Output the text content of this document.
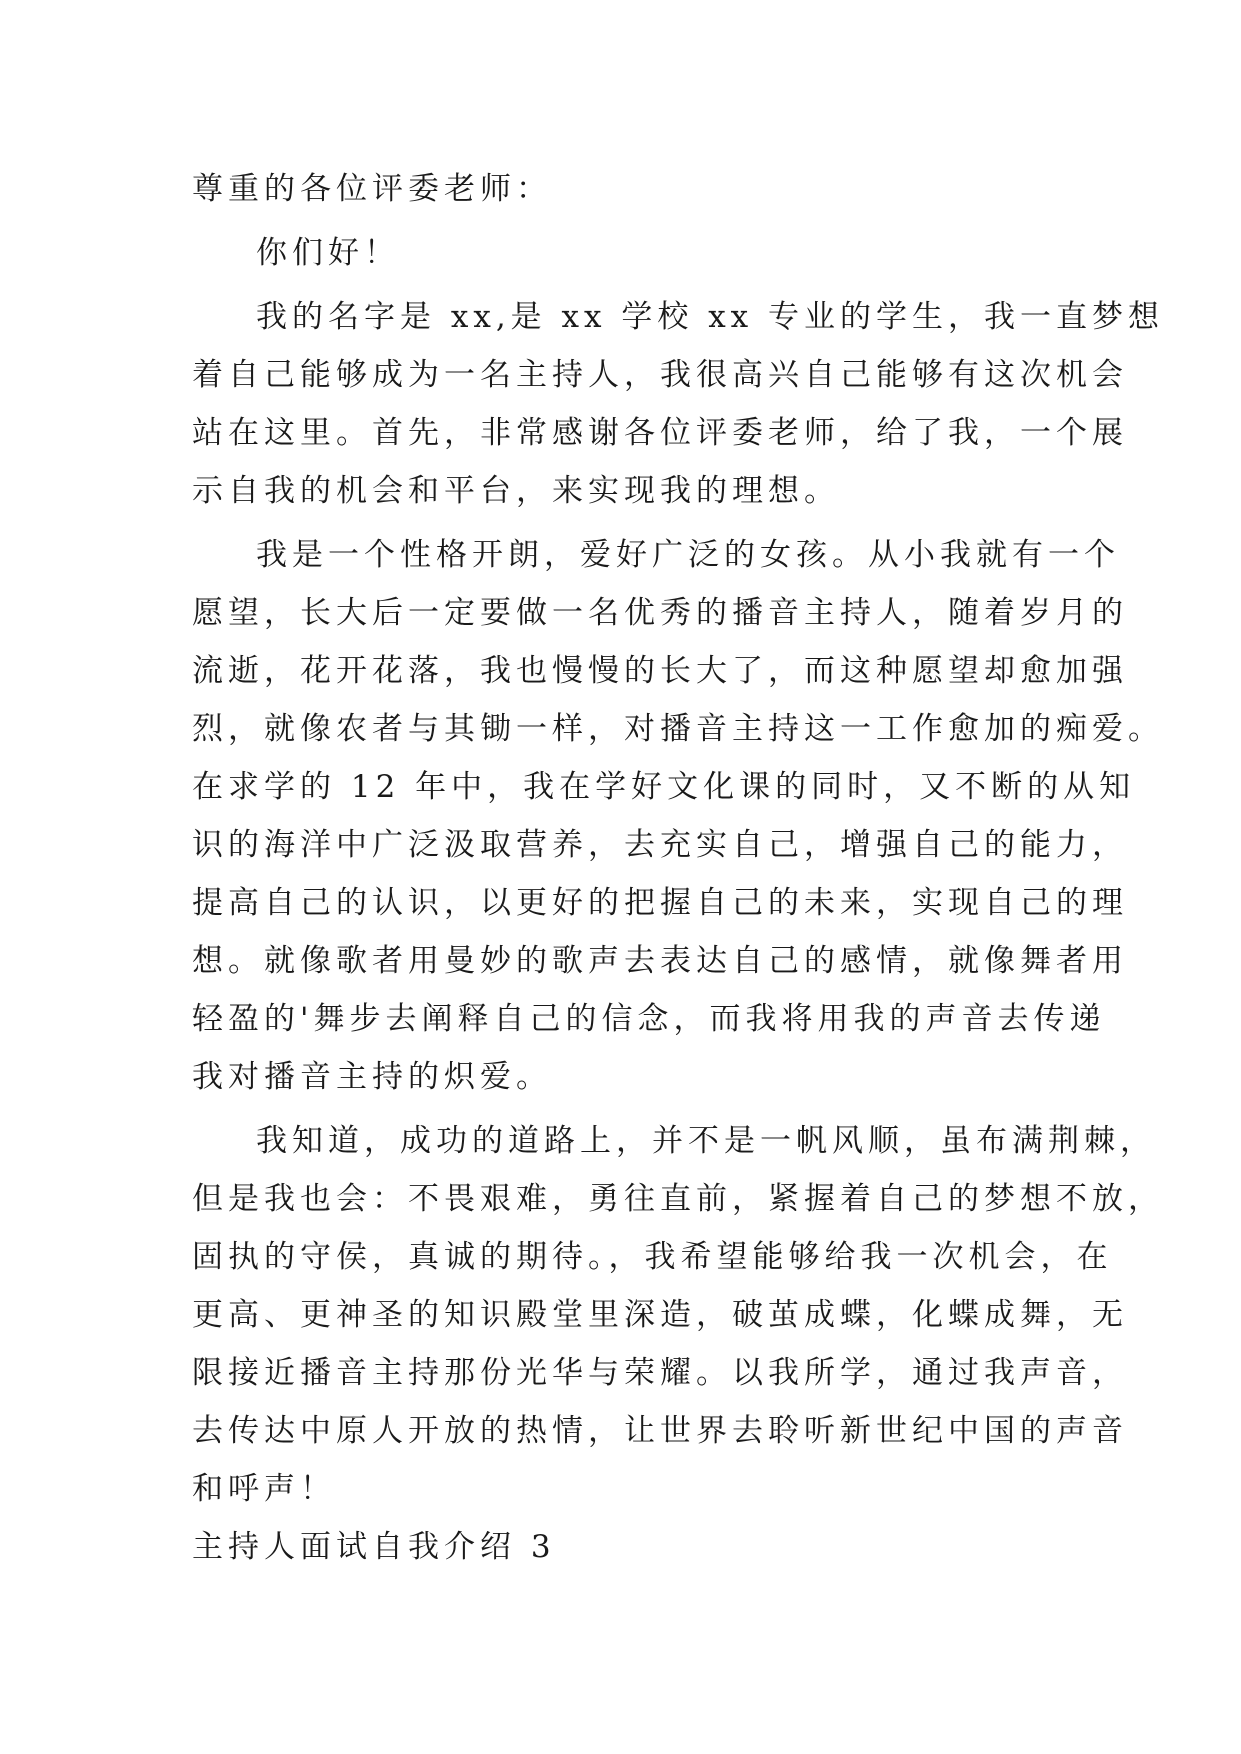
尊重的各位评委老师：

你们好！

我的名字是 xx,是 xx 学校 xx 专业的学生，我一直梦想

着自己能够成为一名主持人，我很高兴自己能够有这次机会

站在这里。首先，非常感谢各位评委老师，给了我，一个展

示自我的机会和平台，来实现我的理想。

我是一个性格开朗，爱好广泛的女孩。从小我就有一个

愿望，长大后一定要做一名优秀的播音主持人，随着岁月的

流逝，花开花落，我也慢慢的长大了，而这种愿望却愈加强

烈，就像农者与其锄一样，对播音主持这一工作愈加的痴爱。

在求学的 12 年中，我在学好文化课的同时，又不断的从知

识的海洋中广泛汲取营养，去充实自己，增强自己的能力，

提高自己的认识，以更好的把握自己的未来，实现自己的理

想。就像歌者用曼妙的歌声去表达自己的感情，就像舞者用

轻盈的'舞步去阐释自己的信念，而我将用我的声音去传递

我对播音主持的炽爱。

我知道，成功的道路上，并不是一帆风顺，虽布满荆棘，

但是我也会：不畏艰难，勇往直前，紧握着自己的梦想不放，

固执的守侯，真诚的期待。，我希望能够给我一次机会，在

更高、更神圣的知识殿堂里深造，破茧成蝶，化蝶成舞，无

限接近播音主持那份光华与荣耀。以我所学，通过我声音，

去传达中原人开放的热情，让世界去聆听新世纪中国的声音

和呼声！

主持人面试自我介绍 3
